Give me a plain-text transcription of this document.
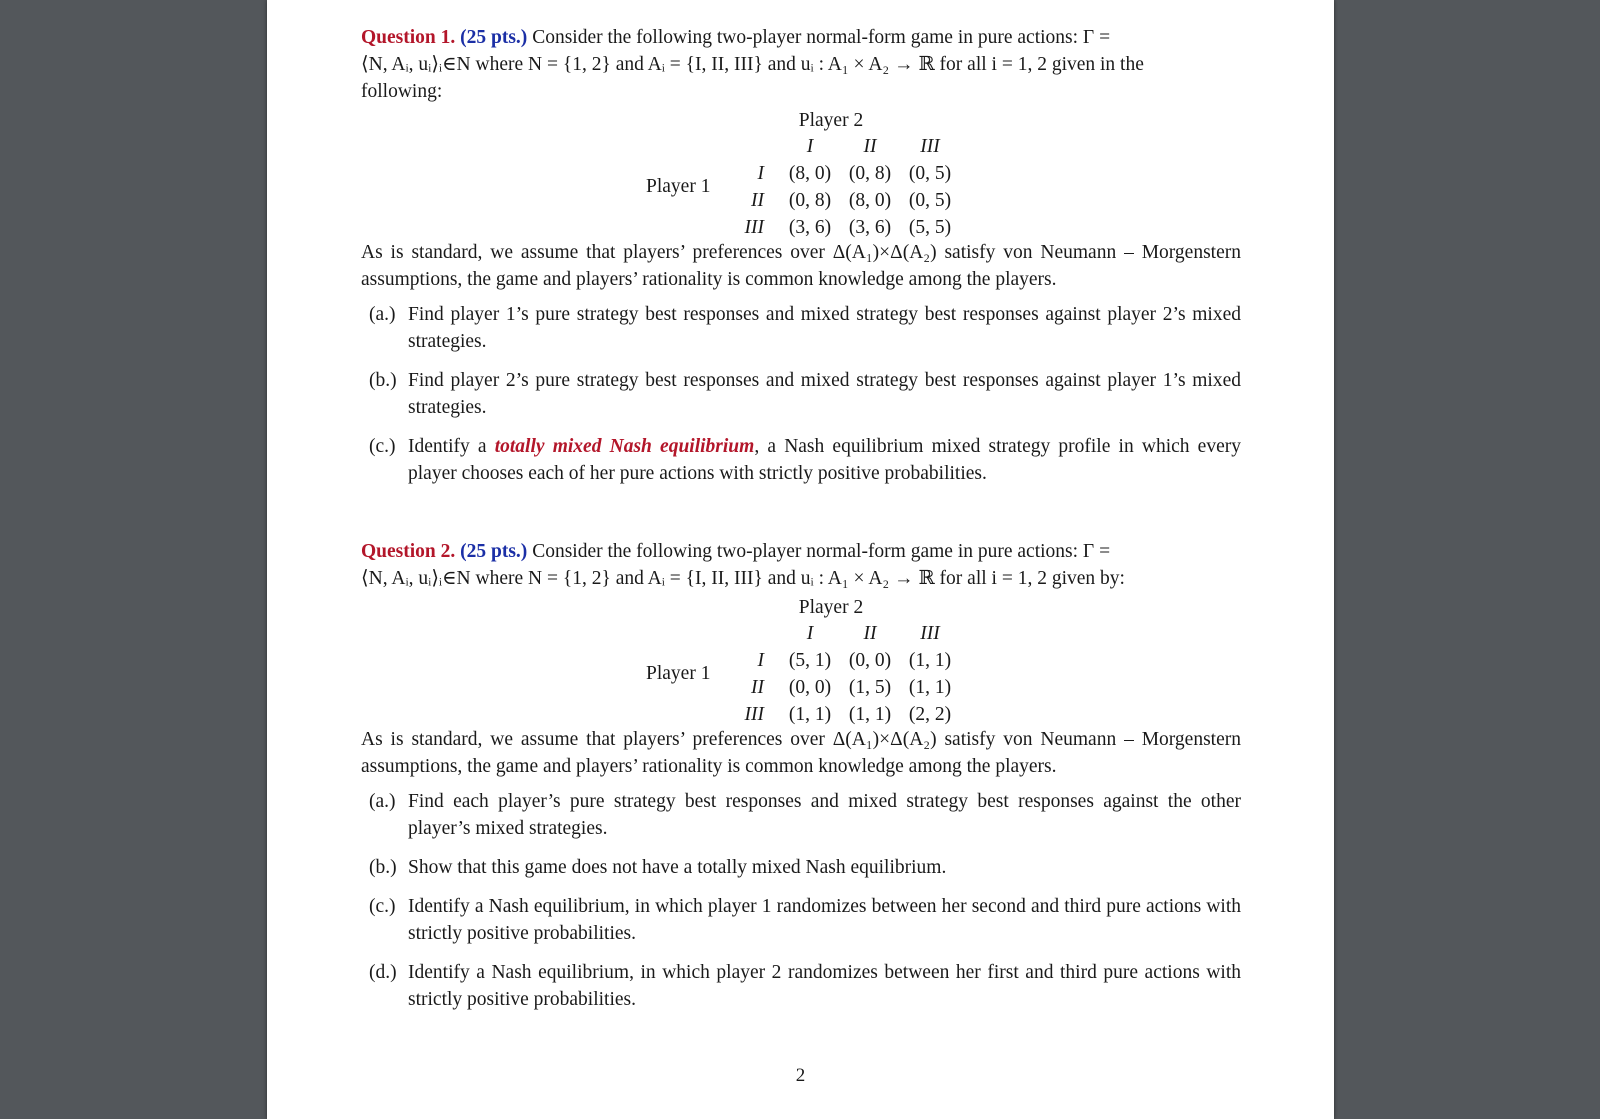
Question 1. (25 pts.) Consider the following two-player normal-form game in pure actions: Γ =
⟨N, Aᵢ, uᵢ⟩ᵢ∈N where N = {1, 2} and Aᵢ = {I, II, III} and uᵢ : A₁ × A₂ → ℝ for all i = 1, 2 given in the
following:

Player 2
Player 1
	I	II	III
I	(8, 0)	(0, 8)	(0, 5)
II	(0, 8)	(8, 0)	(0, 5)
III	(3, 6)	(3, 6)	(5, 5)

As is standard, we assume that players’ preferences over Δ(A₁)×Δ(A₂) satisfy von Neumann – Morgenstern assumptions, the game and players’ rationality is common knowledge among the players.

(a.) Find player 1’s pure strategy best responses and mixed strategy best responses against player 2’s mixed strategies.
(b.) Find player 2’s pure strategy best responses and mixed strategy best responses against player 1’s mixed strategies.
(c.) Identify a totally mixed Nash equilibrium, a Nash equilibrium mixed strategy profile in which every player chooses each of her pure actions with strictly positive probabilities.

Question 2. (25 pts.) Consider the following two-player normal-form game in pure actions: Γ =
⟨N, Aᵢ, uᵢ⟩ᵢ∈N where N = {1, 2} and Aᵢ = {I, II, III} and uᵢ : A₁ × A₂ → ℝ for all i = 1, 2 given by:

Player 2
Player 1
	I	II	III
I	(5, 1)	(0, 0)	(1, 1)
II	(0, 0)	(1, 5)	(1, 1)
III	(1, 1)	(1, 1)	(2, 2)

As is standard, we assume that players’ preferences over Δ(A₁)×Δ(A₂) satisfy von Neumann – Morgenstern assumptions, the game and players’ rationality is common knowledge among the players.

(a.) Find each player’s pure strategy best responses and mixed strategy best responses against the other player’s mixed strategies.
(b.) Show that this game does not have a totally mixed Nash equilibrium.
(c.) Identify a Nash equilibrium, in which player 1 randomizes between her second and third pure actions with strictly positive probabilities.
(d.) Identify a Nash equilibrium, in which player 2 randomizes between her first and third pure actions with strictly positive probabilities.
2
